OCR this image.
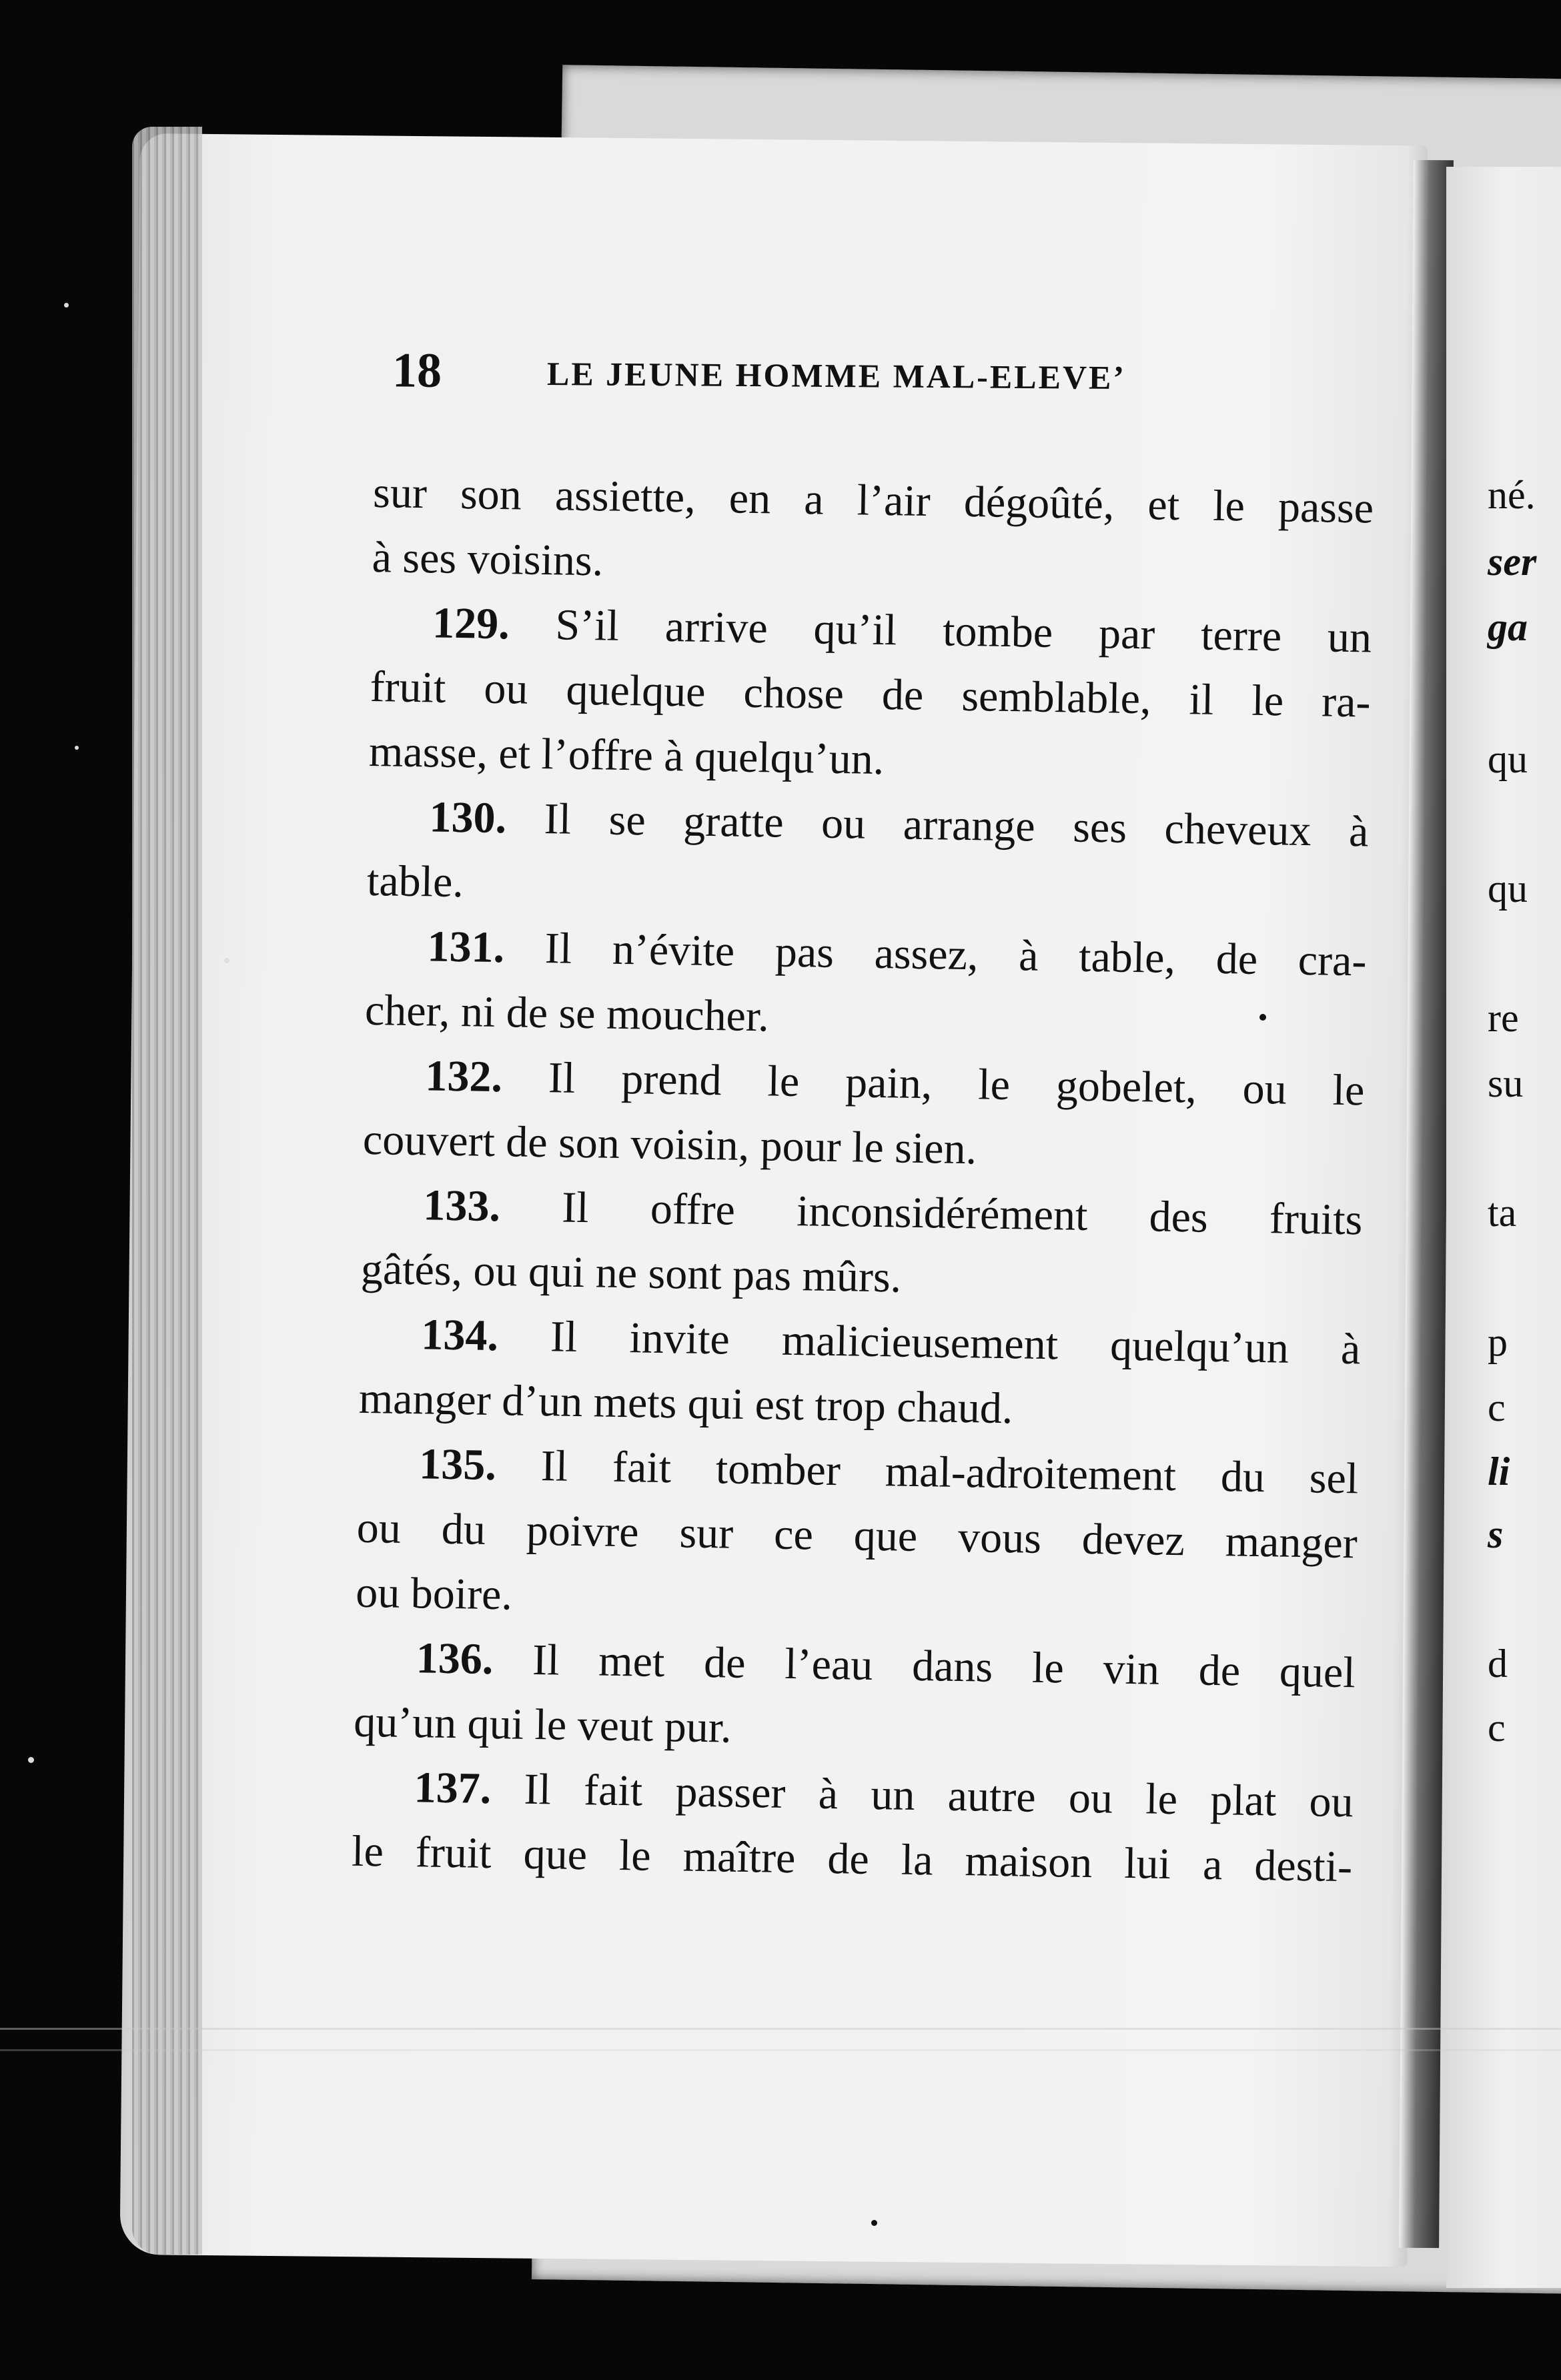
né.
ser
ga
qu
qu
re
su
ta
p
c
li
s
d
c
18	LE JEUNE HOMME MAL-ELEVE’
sur son assiette, en a l’air dégoûté, et le passe
à ses voisins.
129. S’il arrive qu’il tombe par terre un
fruit ou quelque chose de semblable, il le ra-
masse, et l’offre à quelqu’un.
130. Il se gratte ou arrange ses cheveux à
table.
131. Il n’évite pas assez, à table, de cra-
cher, ni de se moucher.
132. Il prend le pain, le gobelet, ou le
couvert de son voisin, pour le sien.
133. Il offre inconsidérément des fruits
gâtés, ou qui ne sont pas mûrs.
134. Il invite malicieusement quelqu’un à
manger d’un mets qui est trop chaud.
135. Il fait tomber mal-adroitement du sel
ou du poivre sur ce que vous devez manger
ou boire.
136. Il met de l’eau dans le vin de quel
qu’un qui le veut pur.
137. Il fait passer à un autre ou le plat ou
le fruit que le maître de la maison lui a desti-
